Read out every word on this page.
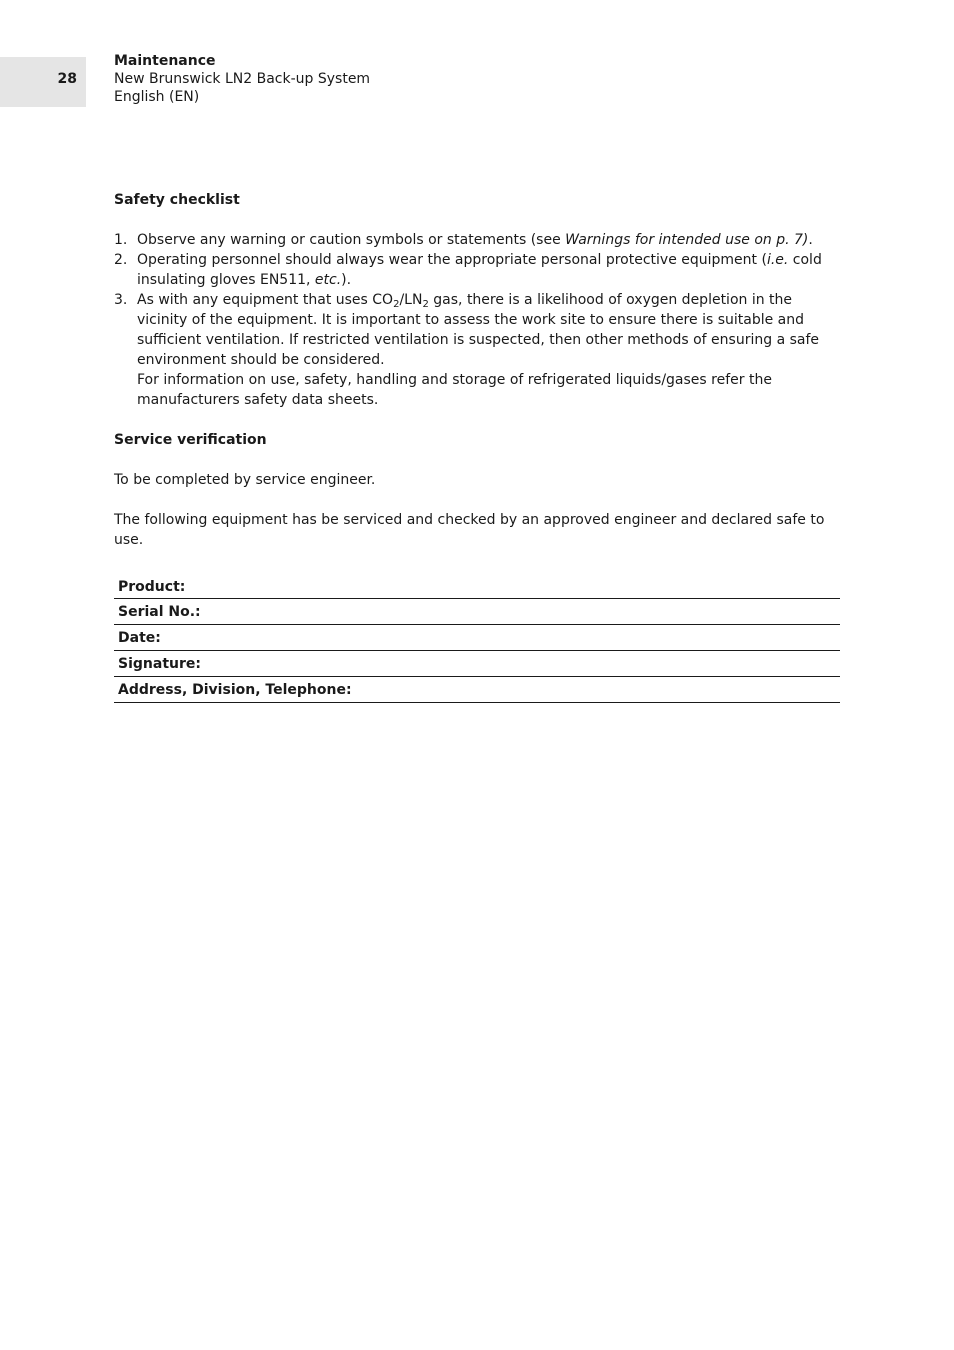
28
Maintenance
New Brunswick LN2 Back-up System
English (EN)
Safety checklist
1. Observe any warning or caution symbols or statements (see Warnings for intended use on p. 7).
2. Operating personnel should always wear the appropriate personal protective equipment (i.e. cold insulating gloves EN511, etc.).
3. As with any equipment that uses $CO_2/LN_2$ gas, there is a likelihood of oxygen depletion in the vicinity of the equipment. It is important to assess the work site to ensure there is suitable and sufficient ventilation. If restricted ventilation is suspected, then other methods of ensuring a safe environment should be considered.
For information on use, safety, handling and storage of refrigerated liquids/gases refer the manufacturers safety data sheets.
Service verification

To be completed by service engineer.

The following equipment has be serviced and checked by an approved engineer and declared safe to use.

Product:
Serial No.:
Date:
Signature:
Address, Division, Telephone:
